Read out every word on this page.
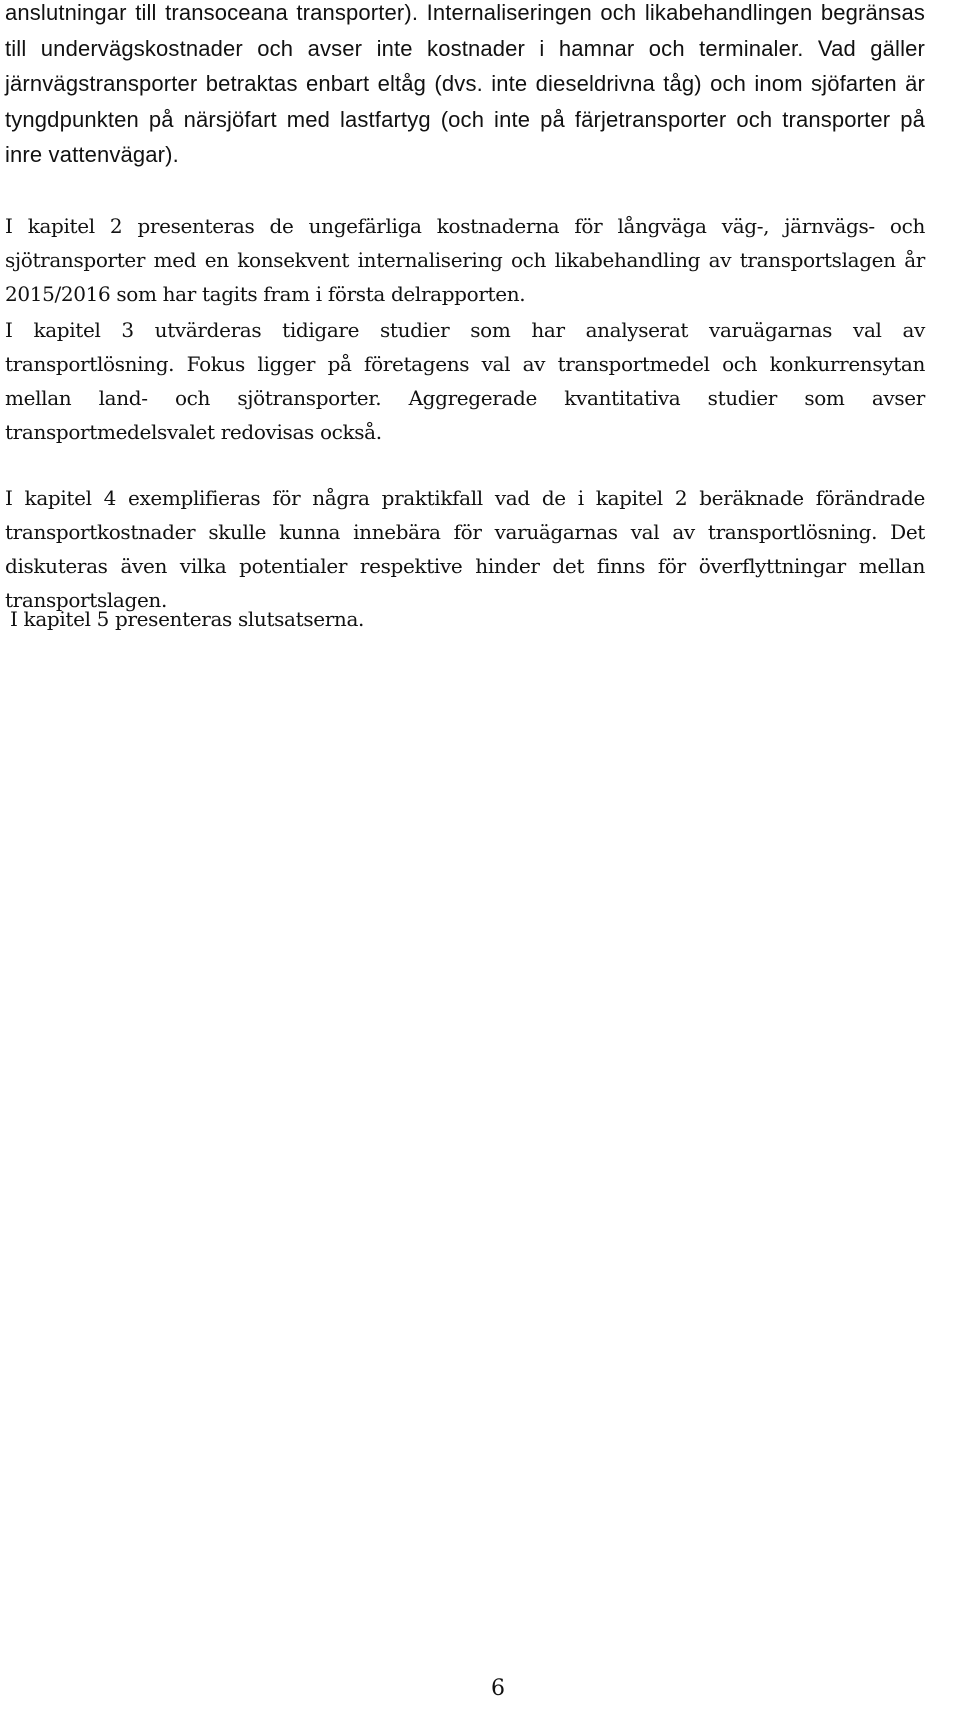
anslutningar till transoceana transporter). Internaliseringen och likabehandlingen begränsas till undervägskostnader och avser inte kostnader i hamnar och terminaler. Vad gäller järnvägstransporter betraktas enbart eltåg (dvs. inte dieseldrivna tåg) och inom sjöfarten är tyngdpunkten på närsjöfart med lastfartyg (och inte på färjetransporter och transporter på inre vattenvägar).

I kapitel 2 presenteras de ungefärliga kostnaderna för långväga väg-, järnvägs- och sjötransporter med en konsekvent internalisering och likabehandling av transportslagen år 2015/2016 som har tagits fram i första delrapporten.

I kapitel 3 utvärderas tidigare studier som har analyserat varuägarnas val av transportlösning. Fokus ligger på företagens val av transportmedel och konkurrensytan mellan land- och sjötransporter. Aggregerade kvantitativa studier som avser transportmedelsvalet redovisas också.

I kapitel 4 exemplifieras för några praktikfall vad de i kapitel 2 beräknade förändrade transportkostnader skulle kunna innebära för varuägarnas val av transportlösning. Det diskuteras även vilka potentialer respektive hinder det finns för överflyttningar mellan transportslagen.

I kapitel 5 presenteras slutsatserna.

6
